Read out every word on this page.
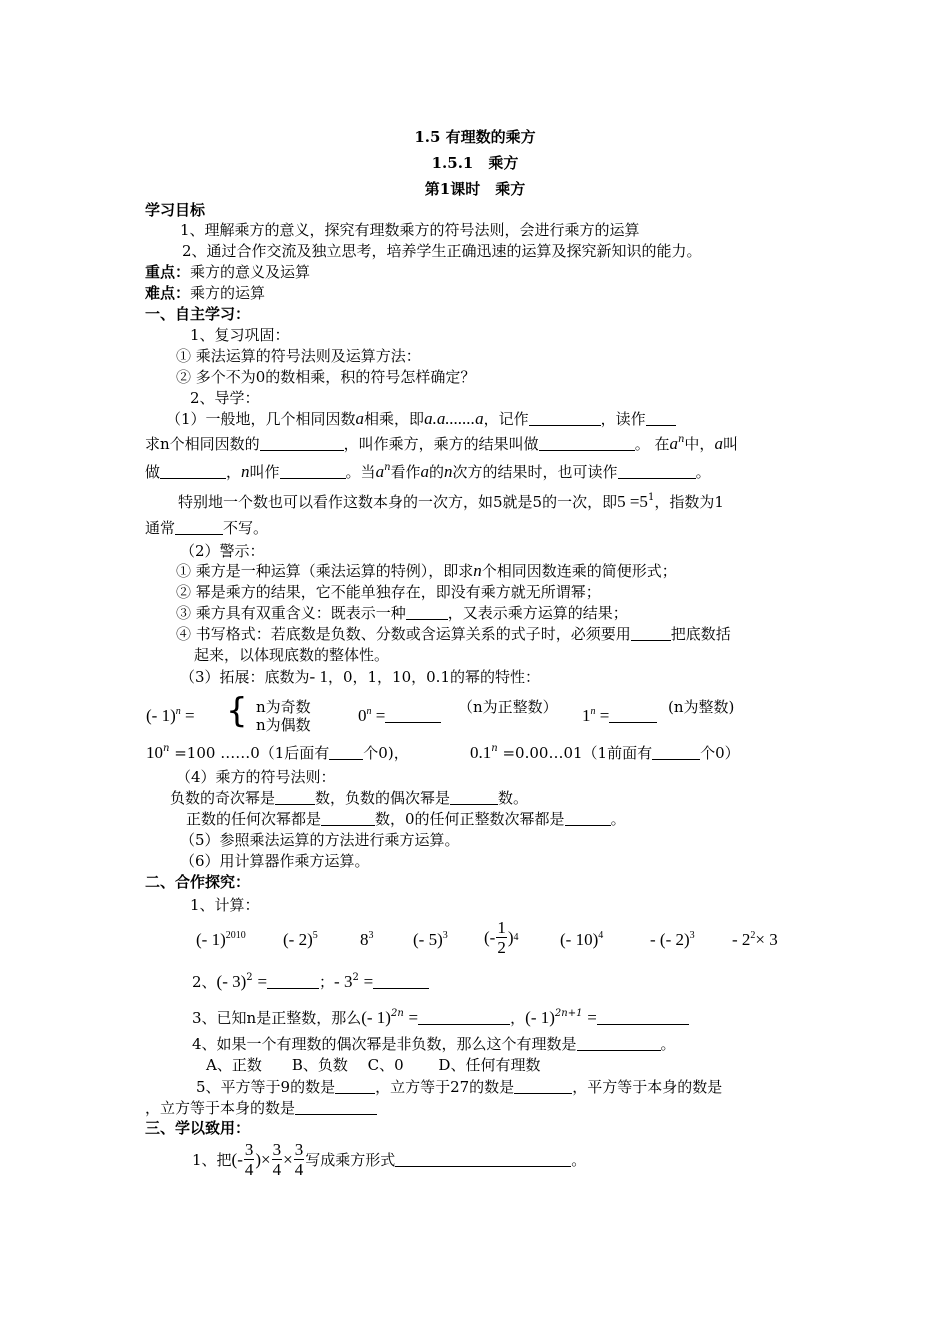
1.5 有理数的乘方
1.5.1　乘方
第1课时　乘方
学习目标
1、理解乘方的意义，探究有理数乘方的符号法则，会进行乘方的运算
2、通过合作交流及独立思考，培养学生正确迅速的运算及探究新知识的能力。
重点：乘方的意义及运算
难点：乘方的运算
一、自主学习：
1、复习巩固：
① 乘法运算的符号法则及运算方法：
② 多个不为0的数相乘，积的符号怎样确定？
2、导学：
（1）一般地，几个相同因数a相乘，即a.a.......a，记作	，读作
求n个相同因数的	，叫作乘方，乘方的结果叫做	。 在$a^n$中，a叫
做	，n叫作	。当$a^n$看作a的n次方的结果时，也可读作	。
特别地一个数也可以看作这数本身的一次方，如5就是5的一次，即$5 =5^1$，指数为1
通常	不写。
（2）警示：
① 乘方是一种运算（乘法运算的特例），即求n个相同因数连乘的简便形式；
② 幂是乘方的结果，它不能单独存在，即没有乘方就无所谓幂；
③ 乘方具有双重含义：既表示一种	，又表示乘方运算的结果；
④ 书写格式：若底数是负数、分数或含运算关系的式子时，必须要用	把底数括
起来，以体现底数的整体性。
（3）拓展：底数为- 1，0，1，10，0.1的幂的特性：
(- 1)$^n$ = { n为奇数
n为偶数	$0^n$ =	（n为正整数） $1^n$ =	(n为整数)
$10^n =100$ ……0（1后面有 个0)，	$0.1^n$ =0.00…01（1前面有	个0）
（4）乘方的符号法则：
负数的奇次幂是	数，负数的偶次幂是	数。
正数的任何次幂都是	数，0的任何正整数次幂都是	。
（5）参照乘法运算的方法进行乘方运算。
（6）用计算器作乘方运算。
二、合作探究：
1、计算：
(- 1)$^{2010}$ (- 2)$^5$ $8^3$ (- 5)$^3$ (- $\frac{1}{2}$ ) 4 (- 10)$^4$	- (- $2)^3 - 2^2\times 3$
2、(- 3)$^2$ =	；- $3^2$ =
3、已知n是正整数，那么(- 1)$^{2n}$ =	，(- 1)$^{2n+1}$ =
4、如果一个有理数的偶次幂是非负数，那么这个有理数是	。
A、正数　　B、负数　 C、0　　 D、任何有理数
5、平方等于9的数是	，立方等于27的数是	，平方等于本身的数是
，立方等于本身的数是
三、学以致用：
1、把 (- $\frac{3}{4}$ ) × $\frac{3}{4} \times \frac{3}{4}$ 写成乘方形式	。
